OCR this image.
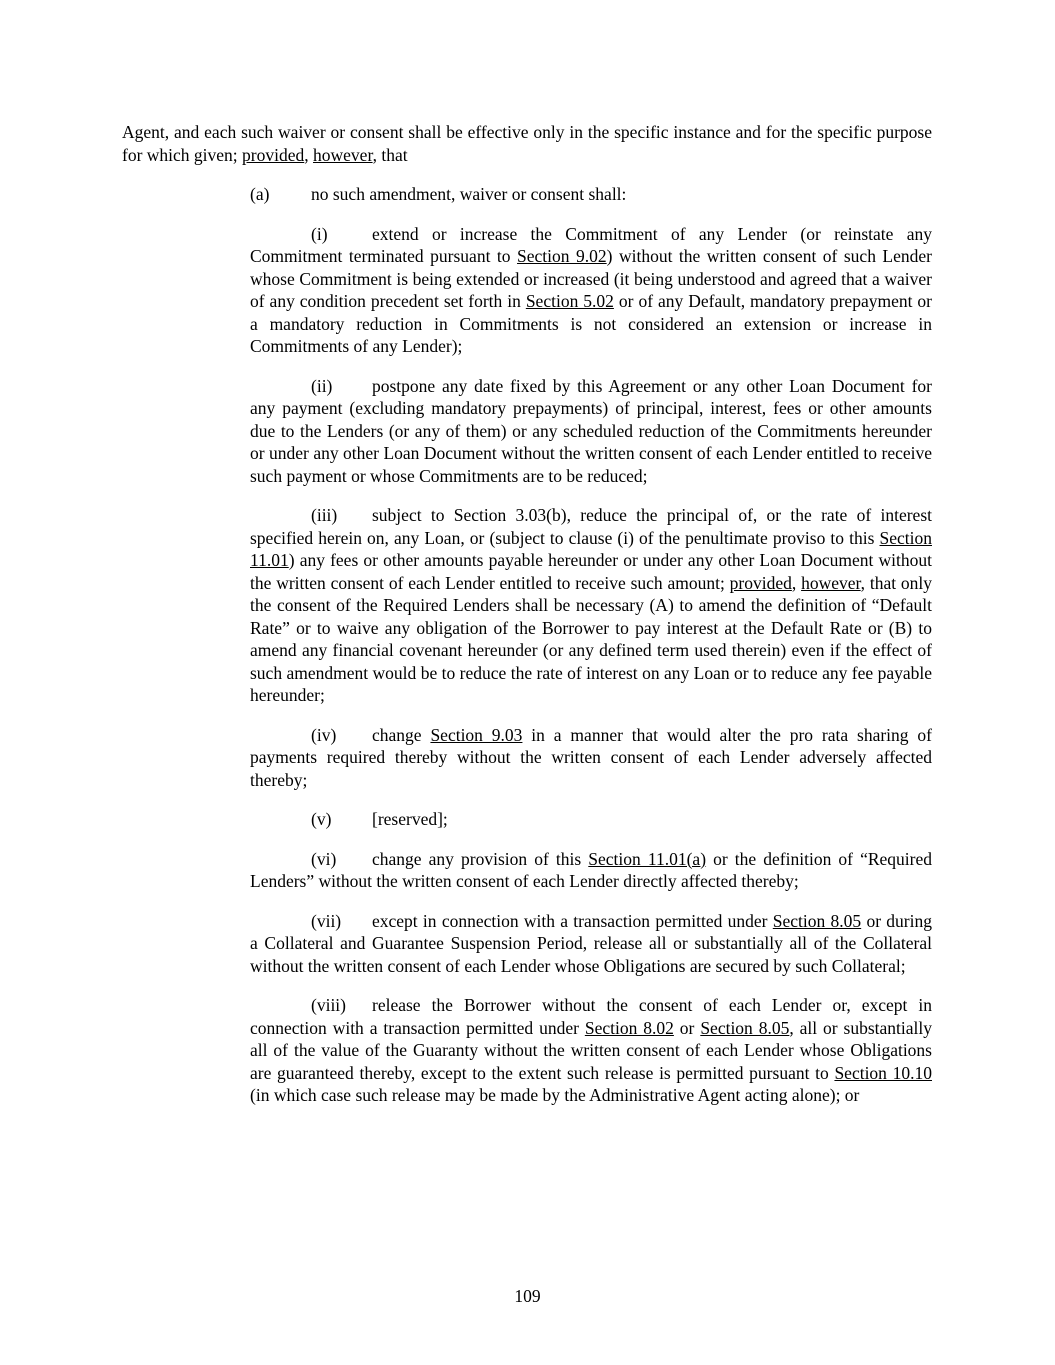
Agent, and each such waiver or consent shall be effective only in the specific instance and for the specific purpose for which given; provided, however, that

(a) no such amendment, waiver or consent shall:

(i)	extend or increase the Commitment of any Lender (or reinstate any Commitment terminated pursuant to Section 9.02) without the written consent of such Lender whose Commitment is being extended or increased (it being understood and agreed that a waiver of any condition precedent set forth in Section 5.02 or of any Default, mandatory prepayment or a mandatory reduction in Commitments is not considered an extension or increase in Commitments of any Lender);

(ii) postpone any date fixed by this Agreement or any other Loan Document for any payment (excluding mandatory prepayments) of principal, interest, fees or other amounts due to the Lenders (or any of them) or any scheduled reduction of the Commitments hereunder or under any other Loan Document without the written consent of each Lender entitled to receive such payment or whose Commitments are to be reduced;

(iii) subject to Section 3.03(b), reduce the principal of, or the rate of interest specified herein on, any Loan, or (subject to clause (i) of the penultimate proviso to this Section 11.01) any fees or other amounts payable hereunder or under any other Loan Document without the written consent of each Lender entitled to receive such amount; provided, however, that only the consent of the Required Lenders shall be necessary (A) to amend the definition of “Default Rate” or to waive any obligation of the Borrower to pay interest at the Default Rate or (B) to amend any financial covenant hereunder (or any defined term used therein) even if the effect of such amendment would be to reduce the rate of interest on any Loan or to reduce any fee payable hereunder;

(iv) change Section 9.03 in a manner that would alter the pro rata sharing of payments required thereby without the written consent of each Lender adversely affected thereby;

(v) [reserved];

(vi) change any provision of this Section 11.01(a) or the definition of “Required Lenders” without the written consent of each Lender directly affected thereby;

(vii) except in connection with a transaction permitted under Section 8.05 or during a Collateral and Guarantee Suspension Period, release all or substantially all of the Collateral without the written consent of each Lender whose Obligations are secured by such Collateral;

(viii) release the Borrower without the consent of each Lender or, except in connection with a transaction permitted under Section 8.02 or Section 8.05, all or substantially all of the value of the Guaranty without the written consent of each Lender whose Obligations are guaranteed thereby, except to the extent such release is permitted pursuant to Section 10.10 (in which case such release may be made by the Administrative Agent acting alone); or

109
